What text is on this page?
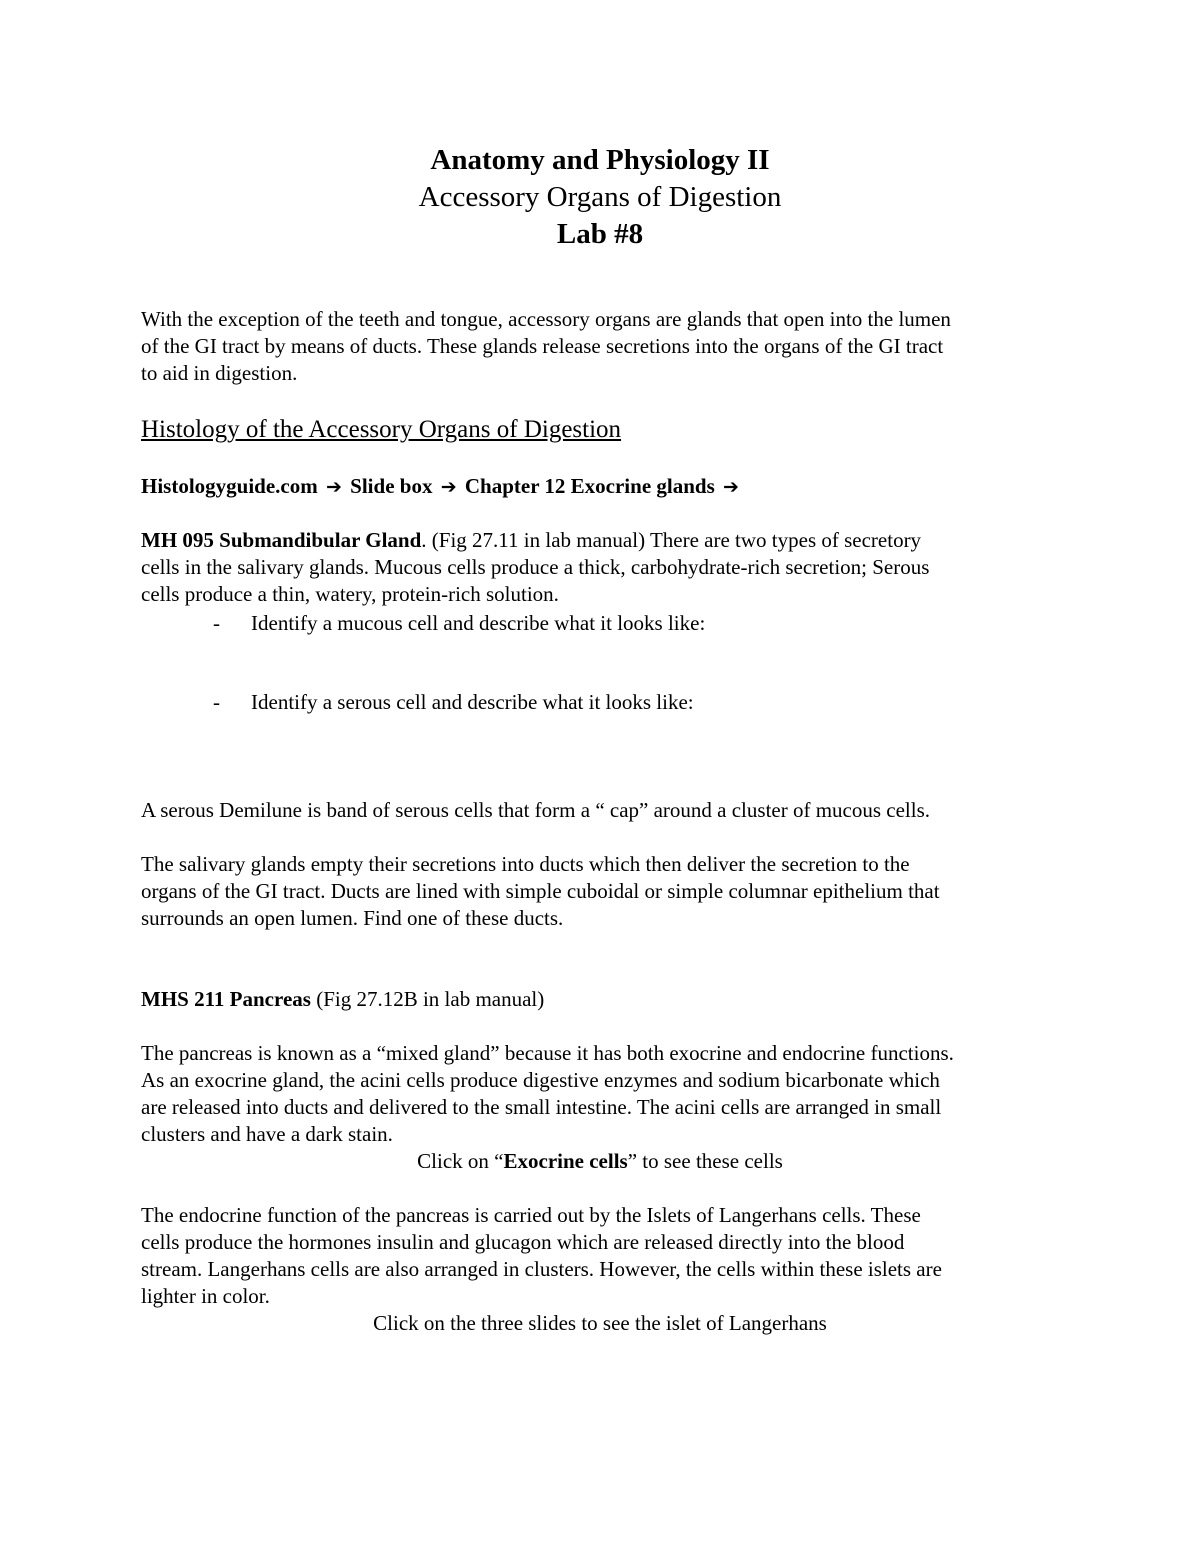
Anatomy and Physiology II
Accessory Organs of Digestion
Lab #8
With the exception of the teeth and tongue, accessory organs are glands that open into the lumen
of the GI tract by means of ducts. These glands release secretions into the organs of the GI tract
to aid in digestion.
Histology of the Accessory Organs of Digestion
Histologyguide.com ➔ Slide box ➔ Chapter 12 Exocrine glands ➔
MH 095 Submandibular Gland. (Fig 27.11 in lab manual) There are two types of secretory
cells in the salivary glands. Mucous cells produce a thick, carbohydrate-rich secretion; Serous
cells produce a thin, watery, protein-rich solution.
- Identify a mucous cell and describe what it looks like:
- Identify a serous cell and describe what it looks like:
A serous Demilune is band of serous cells that form a “ cap” around a cluster of mucous cells.
The salivary glands empty their secretions into ducts which then deliver the secretion to the
organs of the GI tract. Ducts are lined with simple cuboidal or simple columnar epithelium that
surrounds an open lumen. Find one of these ducts.
MHS 211 Pancreas (Fig 27.12B in lab manual)
The pancreas is known as a “mixed gland” because it has both exocrine and endocrine functions.
As an exocrine gland, the acini cells produce digestive enzymes and sodium bicarbonate which
are released into ducts and delivered to the small intestine. The acini cells are arranged in small
clusters and have a dark stain.
Click on “Exocrine cells” to see these cells
The endocrine function of the pancreas is carried out by the Islets of Langerhans cells. These
cells produce the hormones insulin and glucagon which are released directly into the blood
stream. Langerhans cells are also arranged in clusters. However, the cells within these islets are
lighter in color.
Click on the three slides to see the islet of Langerhans
